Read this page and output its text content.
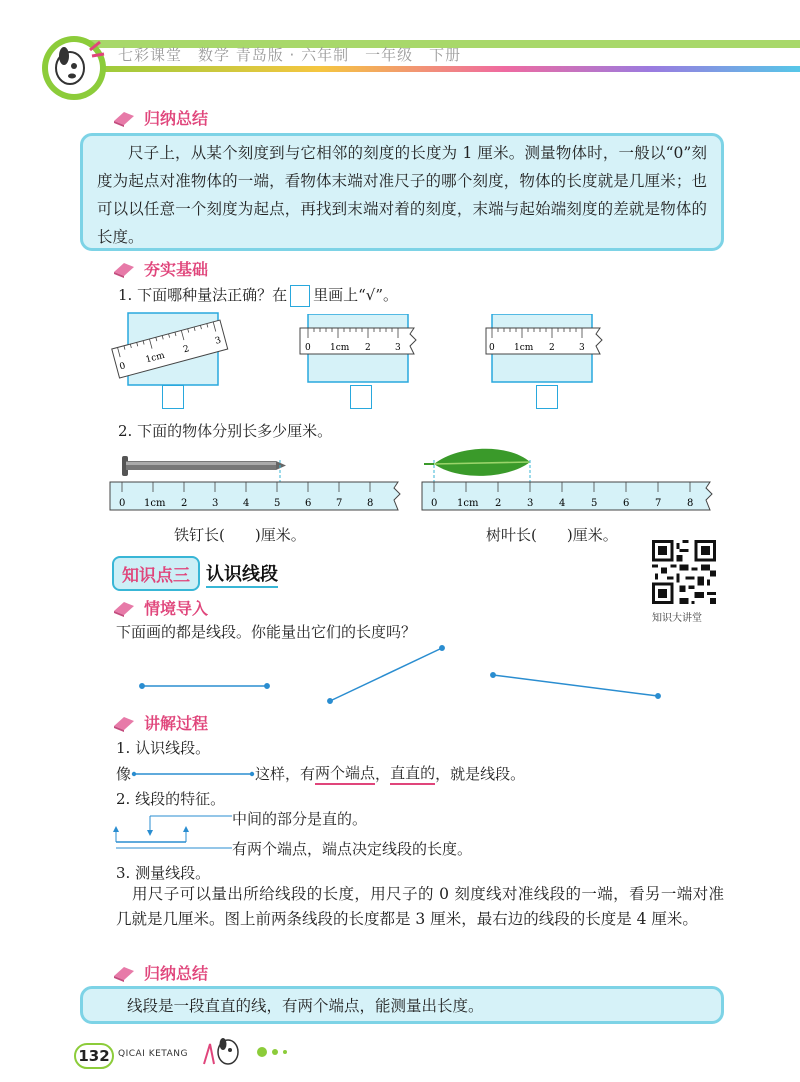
七彩课堂　数学 青岛版 · 六年制　一年级　下册
归纳总结

尺子上，从某个刻度到与它相邻的刻度的长度为 1 厘米。测量物体时，一般以“0”刻度为起点对准物体的一端，看物体末端对准尺子的哪个刻度，物体的长度就是几厘米；也可以以任意一个刻度为起点，再找到末端对着的刻度，末端与起始端刻度的差就是物体的长度。

夯实基础
1. 下面哪种量法正确？在 里画上“√”。
0
1cm
2
3
0 1cm 2	3	0 1cm 2	3
2. 下面的物体分别长多少厘米。
0 1cm 2 3 4 5 6 7 8
铁钉长(　　)厘米。
0 1cm 2	3	4	5	6	7	8
树叶长(　　)厘米。
知识点三 认识线段
知识大讲堂
情境导入
下面画的都是线段。你能量出它们的长度吗？
讲解过程
1. 认识线段。
像	这样，有 两个端点 ， 直直的 ，就是线段。
2. 线段的特征。
中间的部分是直的。
有两个端点，端点决定线段的长度。
3. 测量线段。

用尺子可以量出所给线段的长度，用尺子的 0 刻度线对准线段的一端，看另一端对准几就是几厘米。图上前两条线段的长度都是 3 厘米，最右边的线段的长度是 4 厘米。

归纳总结

线段是一段直直的线，有两个端点，能测量出长度。

132 QICAI KETANG
